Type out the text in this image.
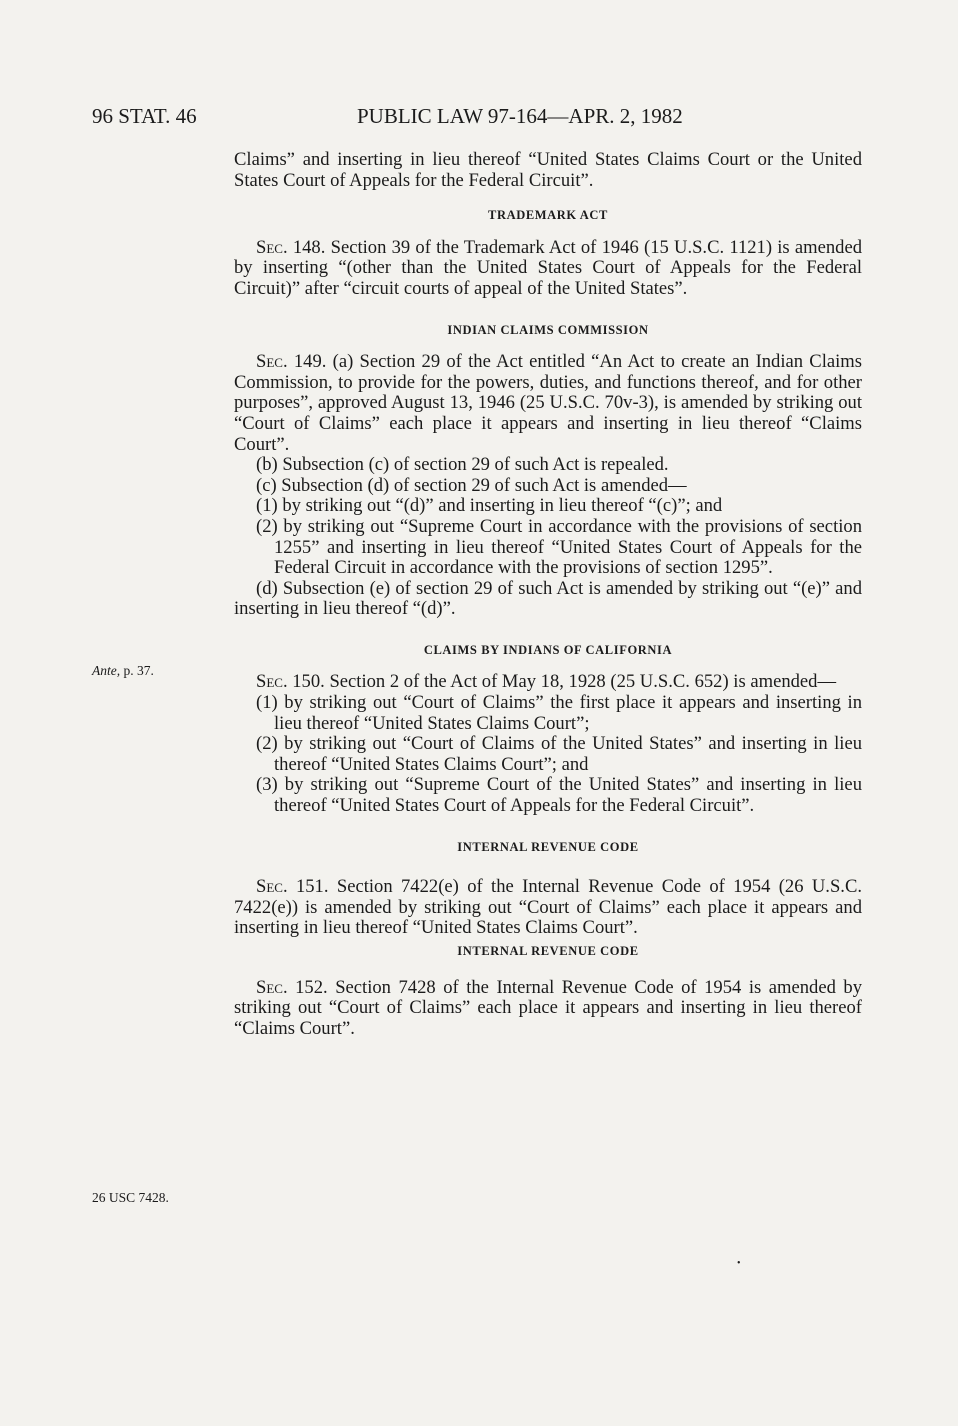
96 STAT. 46	PUBLIC LAW 97-164—APR. 2, 1982
Ante, p. 37.
26 USC 7428.

Claims” and inserting in lieu thereof “United States Claims Court or the United States Court of Appeals for the Federal Circuit”.

TRADEMARK ACT

Sec. 148. Section 39 of the Trademark Act of 1946 (15 U.S.C. 1121) is amended by inserting “(other than the United States Court of Appeals for the Federal Circuit)” after “circuit courts of appeal of the United States”.

INDIAN CLAIMS COMMISSION

Sec. 149. (a) Section 29 of the Act entitled “An Act to create an Indian Claims Commission, to provide for the powers, duties, and functions thereof, and for other purposes”, approved August 13, 1946 (25 U.S.C. 70v-3), is amended by striking out “Court of Claims” each place it appears and inserting in lieu thereof “Claims Court”.

(b) Subsection (c) of section 29 of such Act is repealed.

(c) Subsection (d) of section 29 of such Act is amended—

(1) by striking out “(d)” and inserting in lieu thereof “(c)”; and

(2) by striking out “Supreme Court in accordance with the provisions of section 1255” and inserting in lieu thereof “United States Court of Appeals for the Federal Circuit in accordance with the provisions of section 1295”.

(d) Subsection (e) of section 29 of such Act is amended by striking out “(e)” and inserting in lieu thereof “(d)”.

CLAIMS BY INDIANS OF CALIFORNIA

Sec. 150. Section 2 of the Act of May 18, 1928 (25 U.S.C. 652) is amended—

(1) by striking out “Court of Claims” the first place it appears and inserting in lieu thereof “United States Claims Court”;

(2) by striking out “Court of Claims of the United States” and inserting in lieu thereof “United States Claims Court”; and

(3) by striking out “Supreme Court of the United States” and inserting in lieu thereof “United States Court of Appeals for the Federal Circuit”.

INTERNAL REVENUE CODE

Sec. 151. Section 7422(e) of the Internal Revenue Code of 1954 (26 U.S.C. 7422(e)) is amended by striking out “Court of Claims” each place it appears and inserting in lieu thereof “United States Claims Court”.

INTERNAL REVENUE CODE

Sec. 152. Section 7428 of the Internal Revenue Code of 1954 is amended by striking out “Court of Claims” each place it appears and inserting in lieu thereof “Claims Court”.

•
